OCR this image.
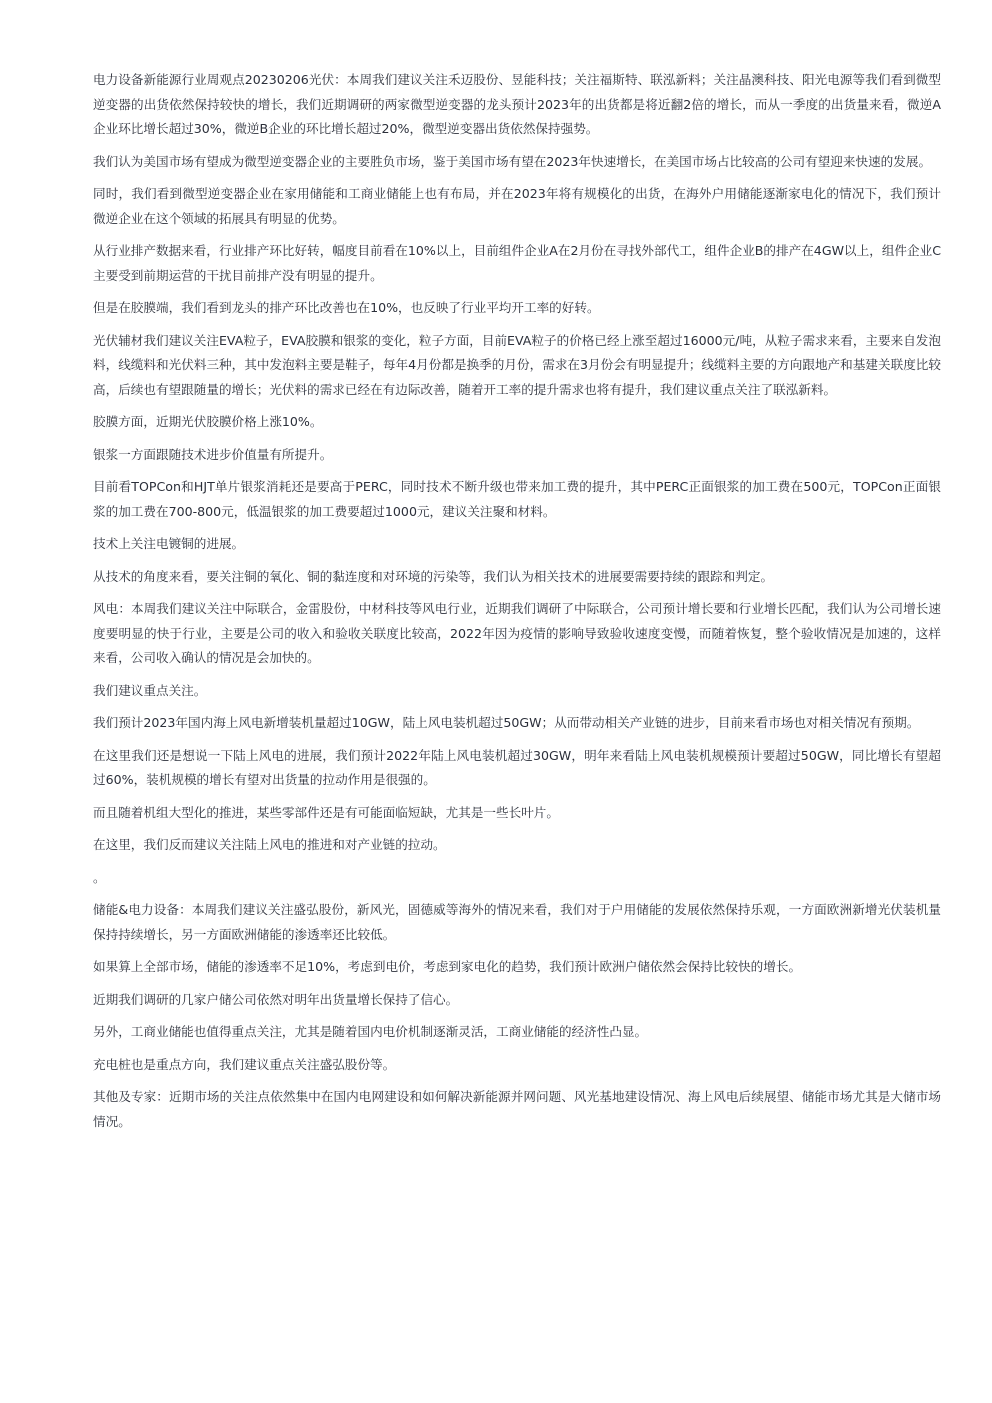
电力设备新能源行业周观点20230206光伏：本周我们建议关注禾迈股份、昱能科技；关注福斯特、联泓新料；关注晶澳科技、阳光电源等我们看到微型逆变器的出货依然保持较快的增长，我们近期调研的两家微型逆变器的龙头预计2023年的出货都是将近翻2倍的增长，而从一季度的出货量来看，微逆A企业环比增长超过30%，微逆B企业的环比增长超过20%，微型逆变器出货依然保持强势。

我们认为美国市场有望成为微型逆变器企业的主要胜负市场，鉴于美国市场有望在2023年快速增长，在美国市场占比较高的公司有望迎来快速的发展。

同时，我们看到微型逆变器企业在家用储能和工商业储能上也有布局，并在2023年将有规模化的出货，在海外户用储能逐渐家电化的情况下，我们预计微逆企业在这个领域的拓展具有明显的优势。

从行业排产数据来看，行业排产环比好转，幅度目前看在10%以上，目前组件企业A在2月份在寻找外部代工，组件企业B的排产在4GW以上，组件企业C主要受到前期运营的干扰目前排产没有明显的提升。

但是在胶膜端，我们看到龙头的排产环比改善也在10%，也反映了行业平均开工率的好转。

光伏辅材我们建议关注EVA粒子，EVA胶膜和银浆的变化，粒子方面，目前EVA粒子的价格已经上涨至超过16000元/吨，从粒子需求来看，主要来自发泡料，线缆料和光伏料三种，其中发泡料主要是鞋子，每年4月份都是换季的月份，需求在3月份会有明显提升；线缆料主要的方向跟地产和基建关联度比较高，后续也有望跟随量的增长；光伏料的需求已经在有边际改善，随着开工率的提升需求也将有提升，我们建议重点关注了联泓新料。

胶膜方面，近期光伏胶膜价格上涨10%。

银浆一方面跟随技术进步价值量有所提升。

目前看TOPCon和HJT单片银浆消耗还是要高于PERC，同时技术不断升级也带来加工费的提升，其中PERC正面银浆的加工费在500元，TOPCon正面银浆的加工费在700-800元，低温银浆的加工费要超过1000元，建议关注聚和材料。

技术上关注电镀铜的进展。

从技术的角度来看，要关注铜的氧化、铜的黏连度和对环境的污染等，我们认为相关技术的进展要需要持续的跟踪和判定。

风电：本周我们建议关注中际联合，金雷股份，中材科技等风电行业，近期我们调研了中际联合，公司预计增长要和行业增长匹配，我们认为公司增长速度要明显的快于行业，主要是公司的收入和验收关联度比较高，2022年因为疫情的影响导致验收速度变慢，而随着恢复，整个验收情况是加速的，这样来看，公司收入确认的情况是会加快的。

我们建议重点关注。

我们预计2023年国内海上风电新增装机量超过10GW，陆上风电装机超过50GW；从而带动相关产业链的进步，目前来看市场也对相关情况有预期。

在这里我们还是想说一下陆上风电的进展，我们预计2022年陆上风电装机超过30GW，明年来看陆上风电装机规模预计要超过50GW，同比增长有望超过60%，装机规模的增长有望对出货量的拉动作用是很强的。

而且随着机组大型化的推进，某些零部件还是有可能面临短缺，尤其是一些长叶片。

在这里，我们反而建议关注陆上风电的推进和对产业链的拉动。

。

储能&电力设备：本周我们建议关注盛弘股份，新风光，固德威等海外的情况来看，我们对于户用储能的发展依然保持乐观，一方面欧洲新增光伏装机量保持持续增长，另一方面欧洲储能的渗透率还比较低。

如果算上全部市场，储能的渗透率不足10%，考虑到电价，考虑到家电化的趋势，我们预计欧洲户储依然会保持比较快的增长。

近期我们调研的几家户储公司依然对明年出货量增长保持了信心。

另外，工商业储能也值得重点关注，尤其是随着国内电价机制逐渐灵活，工商业储能的经济性凸显。

充电桩也是重点方向，我们建议重点关注盛弘股份等。

其他及专家：近期市场的关注点依然集中在国内电网建设和如何解决新能源并网问题、风光基地建设情况、海上风电后续展望、储能市场尤其是大储市场情况。
